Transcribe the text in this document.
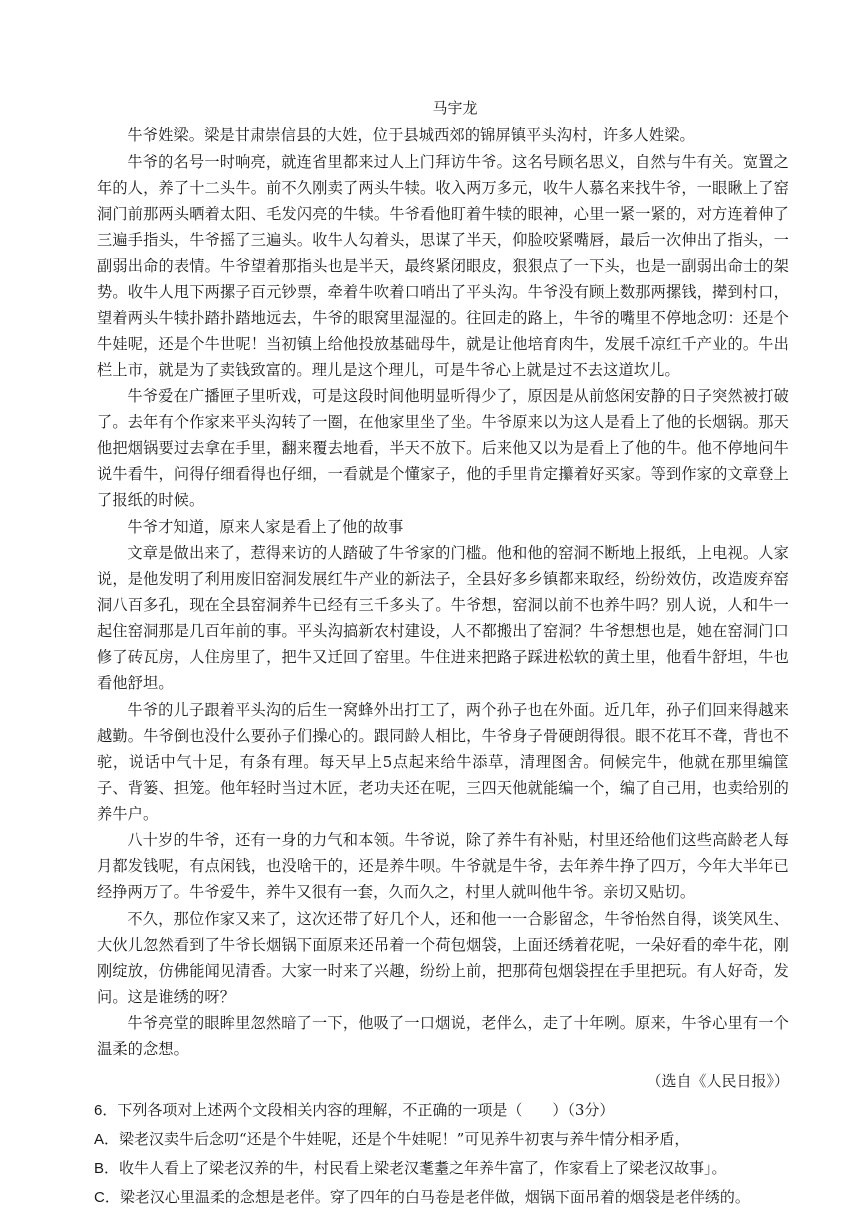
马宇龙

牛爷姓梁。梁是甘肃崇信县的大姓，位于县城西郊的锦屏镇平头沟村，许多人姓梁。

牛爷的名号一时响亮，就连省里都来过人上门拜访牛爷。这名号顾名思义，自然与牛有关。宽置之年的人，养了十二头牛。前不久刚卖了两头牛犊。收入两万多元，收牛人慕名来找牛爷，一眼瞅上了窑洞门前那两头晒着太阳、毛发闪亮的牛犊。牛爷看他盯着牛犊的眼神，心里一紧一紧的，对方连着伸了三遍手指头，牛爷摇了三遍头。收牛人勾着头，思谋了半天，仰脸咬紧嘴唇，最后一次伸出了指头，一副弱出命的表情。牛爷望着那指头也是半天，最终紧闭眼皮，狠狠点了一下头，也是一副弱出命士的架势。收牛人甩下两摞子百元钞票，牵着牛吹着口哨出了平头沟。牛爷没有顾上数那两摞钱，撵到村口，望着两头牛犊扑踏扑踏地远去，牛爷的眼窝里湿湿的。往回走的路上，牛爷的嘴里不停地念叨：还是个牛娃呢，还是个牛世呢！当初镇上给他投放基础母牛，就是让他培育肉牛，发展千凉红千产业的。牛出栏上市，就是为了卖钱致富的。理儿是这个理儿，可是牛爷心上就是过不去这道坎儿。

牛爷爱在广播匣子里听戏，可是这段时间他明显听得少了，原因是从前悠闲安静的日子突然被打破了。去年有个作家来平头沟转了一圈，在他家里坐了坐。牛爷原来以为这人是看上了他的长烟锅。那天他把烟锅要过去拿在手里，翻来覆去地看，半天不放下。后来他又以为是看上了他的牛。他不停地问牛说牛看牛，问得仔细看得也仔细，一看就是个懂家子，他的手里肯定攥着好买家。等到作家的文章登上了报纸的时候。

牛爷才知道，原来人家是看上了他的故事

文章是做出来了，惹得来访的人踏破了牛爷家的门槛。他和他的窑洞不断地上报纸，上电视。人家说，是他发明了利用废旧窑洞发展红牛产业的新法子，全县好多乡镇都来取经，纷纷效仿，改造废弃窑洞八百多孔，现在全县窑洞养牛已经有三千多头了。牛爷想，窑洞以前不也养牛吗？别人说，人和牛一起住窑洞那是几百年前的事。平头沟搞新农村建设，人不都搬出了窑洞？牛爷想想也是，她在窑洞门口修了砖瓦房，人住房里了，把牛又迁回了窑里。牛住进来把路子踩进松软的黄土里，他看牛舒坦，牛也看他舒坦。

牛爷的儿子跟着平头沟的后生一窝蜂外出打工了，两个孙子也在外面。近几年，孙子们回来得越来越勤。牛爷倒也没什么要孙子们操心的。跟同龄人相比，牛爷身子骨硬朗得很。眼不花耳不聋，背也不驼，说话中气十足，有条有理。每天早上5点起来给牛添草，清理图舍。伺候完牛，他就在那里编筐子、背篓、担笼。他年轻时当过木匠，老功夫还在呢，三四天他就能编一个，编了自己用，也卖给别的养牛户。

八十岁的牛爷，还有一身的力气和本领。牛爷说，除了养牛有补贴，村里还给他们这些高龄老人每月都发钱呢，有点闲钱，也没啥干的，还是养牛呗。牛爷就是牛爷，去年养牛挣了四万，今年大半年已经挣两万了。牛爷爱牛，养牛又很有一套，久而久之，村里人就叫他牛爷。亲切又贴切。

不久，那位作家又来了，这次还带了好几个人，还和他一一合影留念，牛爷怡然自得，谈笑风生、大伙儿忽然看到了牛爷长烟锅下面原来还吊着一个荷包烟袋，上面还绣着花呢，一朵好看的牵牛花，刚刚绽放，仿佛能闻见清香。大家一时来了兴趣，纷纷上前，把那荷包烟袋捏在手里把玩。有人好奇，发问。这是谁绣的呀？

牛爷亮堂的眼眸里忽然暗了一下，他吸了一口烟说，老伴么，走了十年咧。原来，牛爷心里有一个温柔的念想。

（选自《人民日报》）

6．下列各项对上述两个文段相关内容的理解，不正确的一项是（　　）（3分）

A．梁老汉卖牛后念叨“还是个牛娃呢，还是个牛娃呢！”可见养牛初衷与养牛情分相矛盾，

B．收牛人看上了梁老汉养的牛，村民看上梁老汉耄耋之年养牛富了，作家看上了梁老汉故事」。

C．梁老汉心里温柔的念想是老伴。穿了四年的白马卷是老伴做，烟锅下面吊着的烟袋是老伴绣的。
